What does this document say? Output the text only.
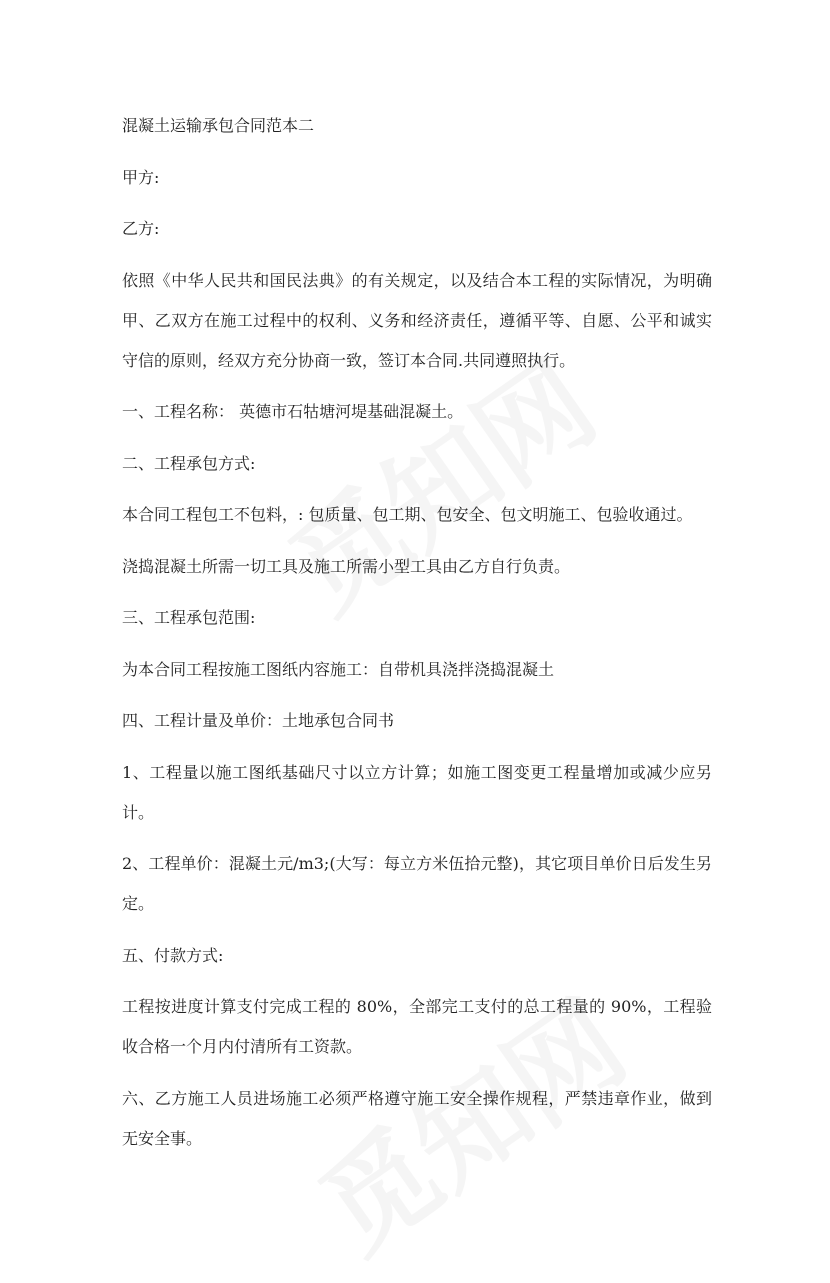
混凝土运输承包合同范本二

甲方:

乙方:

依照《中华人民共和国民法典》的有关规定，以及结合本工程的实际情况，为明确甲、乙双方在施工过程中的权利、义务和经济责任，遵循平等、自愿、公平和诚实守信的原则，经双方充分协商一致，签订本合同.共同遵照执行。

一、工程名称： 英德市石牯塘河堤基础混凝土。

二、工程承包方式:

本合同工程包工不包料，: 包质量、包工期、包安全、包文明施工、包验收通过。

浇捣混凝土所需一切工具及施工所需小型工具由乙方自行负责。

三、工程承包范围:

为本合同工程按施工图纸内容施工：自带机具浇拌浇捣混凝土

四、工程计量及单价：土地承包合同书

1、工程量以施工图纸基础尺寸以立方计算；如施工图变更工程量增加或减少应另计。

2、工程单价：混凝土元/m3;(大写：每立方米伍拾元整)，其它项目单价日后发生另定。

五、付款方式:

工程按进度计算支付完成工程的 80%，全部完工支付的总工程量的 90%，工程验收合格一个月内付清所有工资款。

六、乙方施工人员进场施工必须严格遵守施工安全操作规程，严禁违章作业，做到无安全事。
